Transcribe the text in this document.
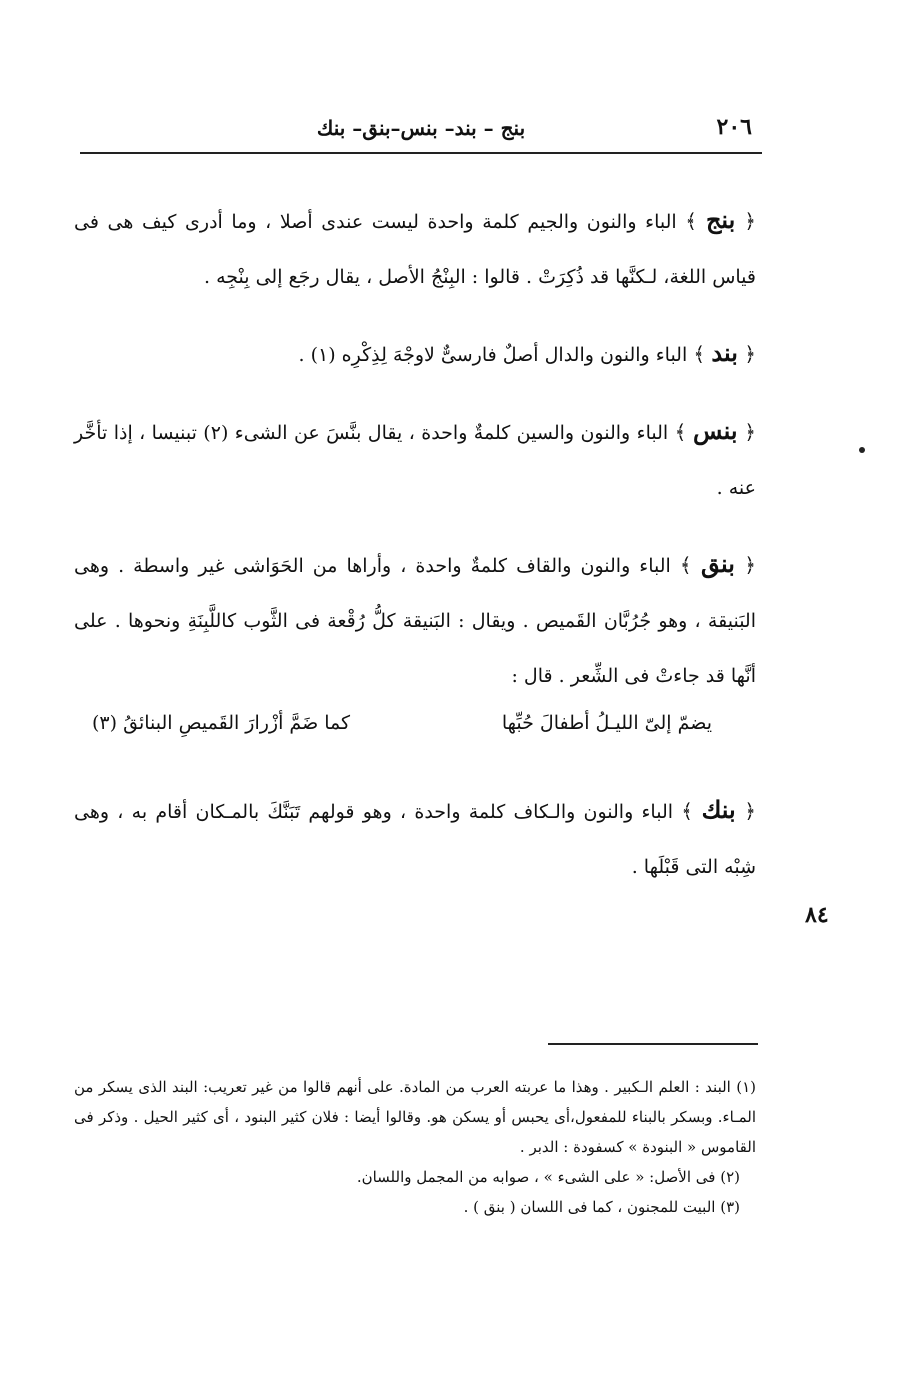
٢٠٦
بنج – بند– بنس–بنق– بنك

﴿ بنج ﴾ الباء والنون والجيم كلمة واحدة ليست عندى أصلا ، وما أدرى كيف هى فى قياس اللغة، لـكنَّها قد ذُكِرَتْ . قالوا : البِنْجُ الأصل ، يقال رجَع إلى بِنْجِه .

﴿ بند ﴾ الباء والنون والدال أصلٌ فارسىٌّ لاوجْهَ لِذِكْرِه (١) .

﴿ بنس ﴾ الباء والنون والسين كلمةٌ واحدة ، يقال بنَّسَ عن الشىء (٢) تبنيسا ، إذا تأخَّر عنه .

﴿ بنق ﴾ الباء والنون والقاف كلمةٌ واحدة ، وأراها من الحَوَاشى غير واسطة . وهى البَنيقة ، وهو جُرُبَّان القَميص . ويقال : البَنيقة كلُّ رُقْعة فى الثَّوب كاللَّبِنَةِ ونحوها . على أنَّها قد جاءتْ فى الشِّعر . قال :

يضمّ إلىّ الليـلُ أطفالَ حُبِّها
كما ضَمَّ أزْرارَ القَميصِ البنائقُ (٣)

﴿ بنك ﴾ الباء والنون والـكاف كلمة واحدة ، وهو قولهم تَبَنَّكَ بالمـكان أقام به ، وهى شِبْه التى قَبْلَها .

٨٤

(١) البند : العلم الـكبير . وهذا ما عربته العرب من المادة. على أنهم قالوا من غير تعريب: البند الذى يسكر من المـاء. وبسكر بالبناء للمفعول،أى يحبس أو يسكن هو. وقالوا أيضا : فلان كثير البنود ، أى كثير الحيل . وذكر فى القاموس « البنودة » كسفودة : الدبر .

(٢) فى الأصل: « على الشىء » ، صوابه من المجمل واللسان.

(٣) البيت للمجنون ، كما فى اللسان ( بنق ) .
